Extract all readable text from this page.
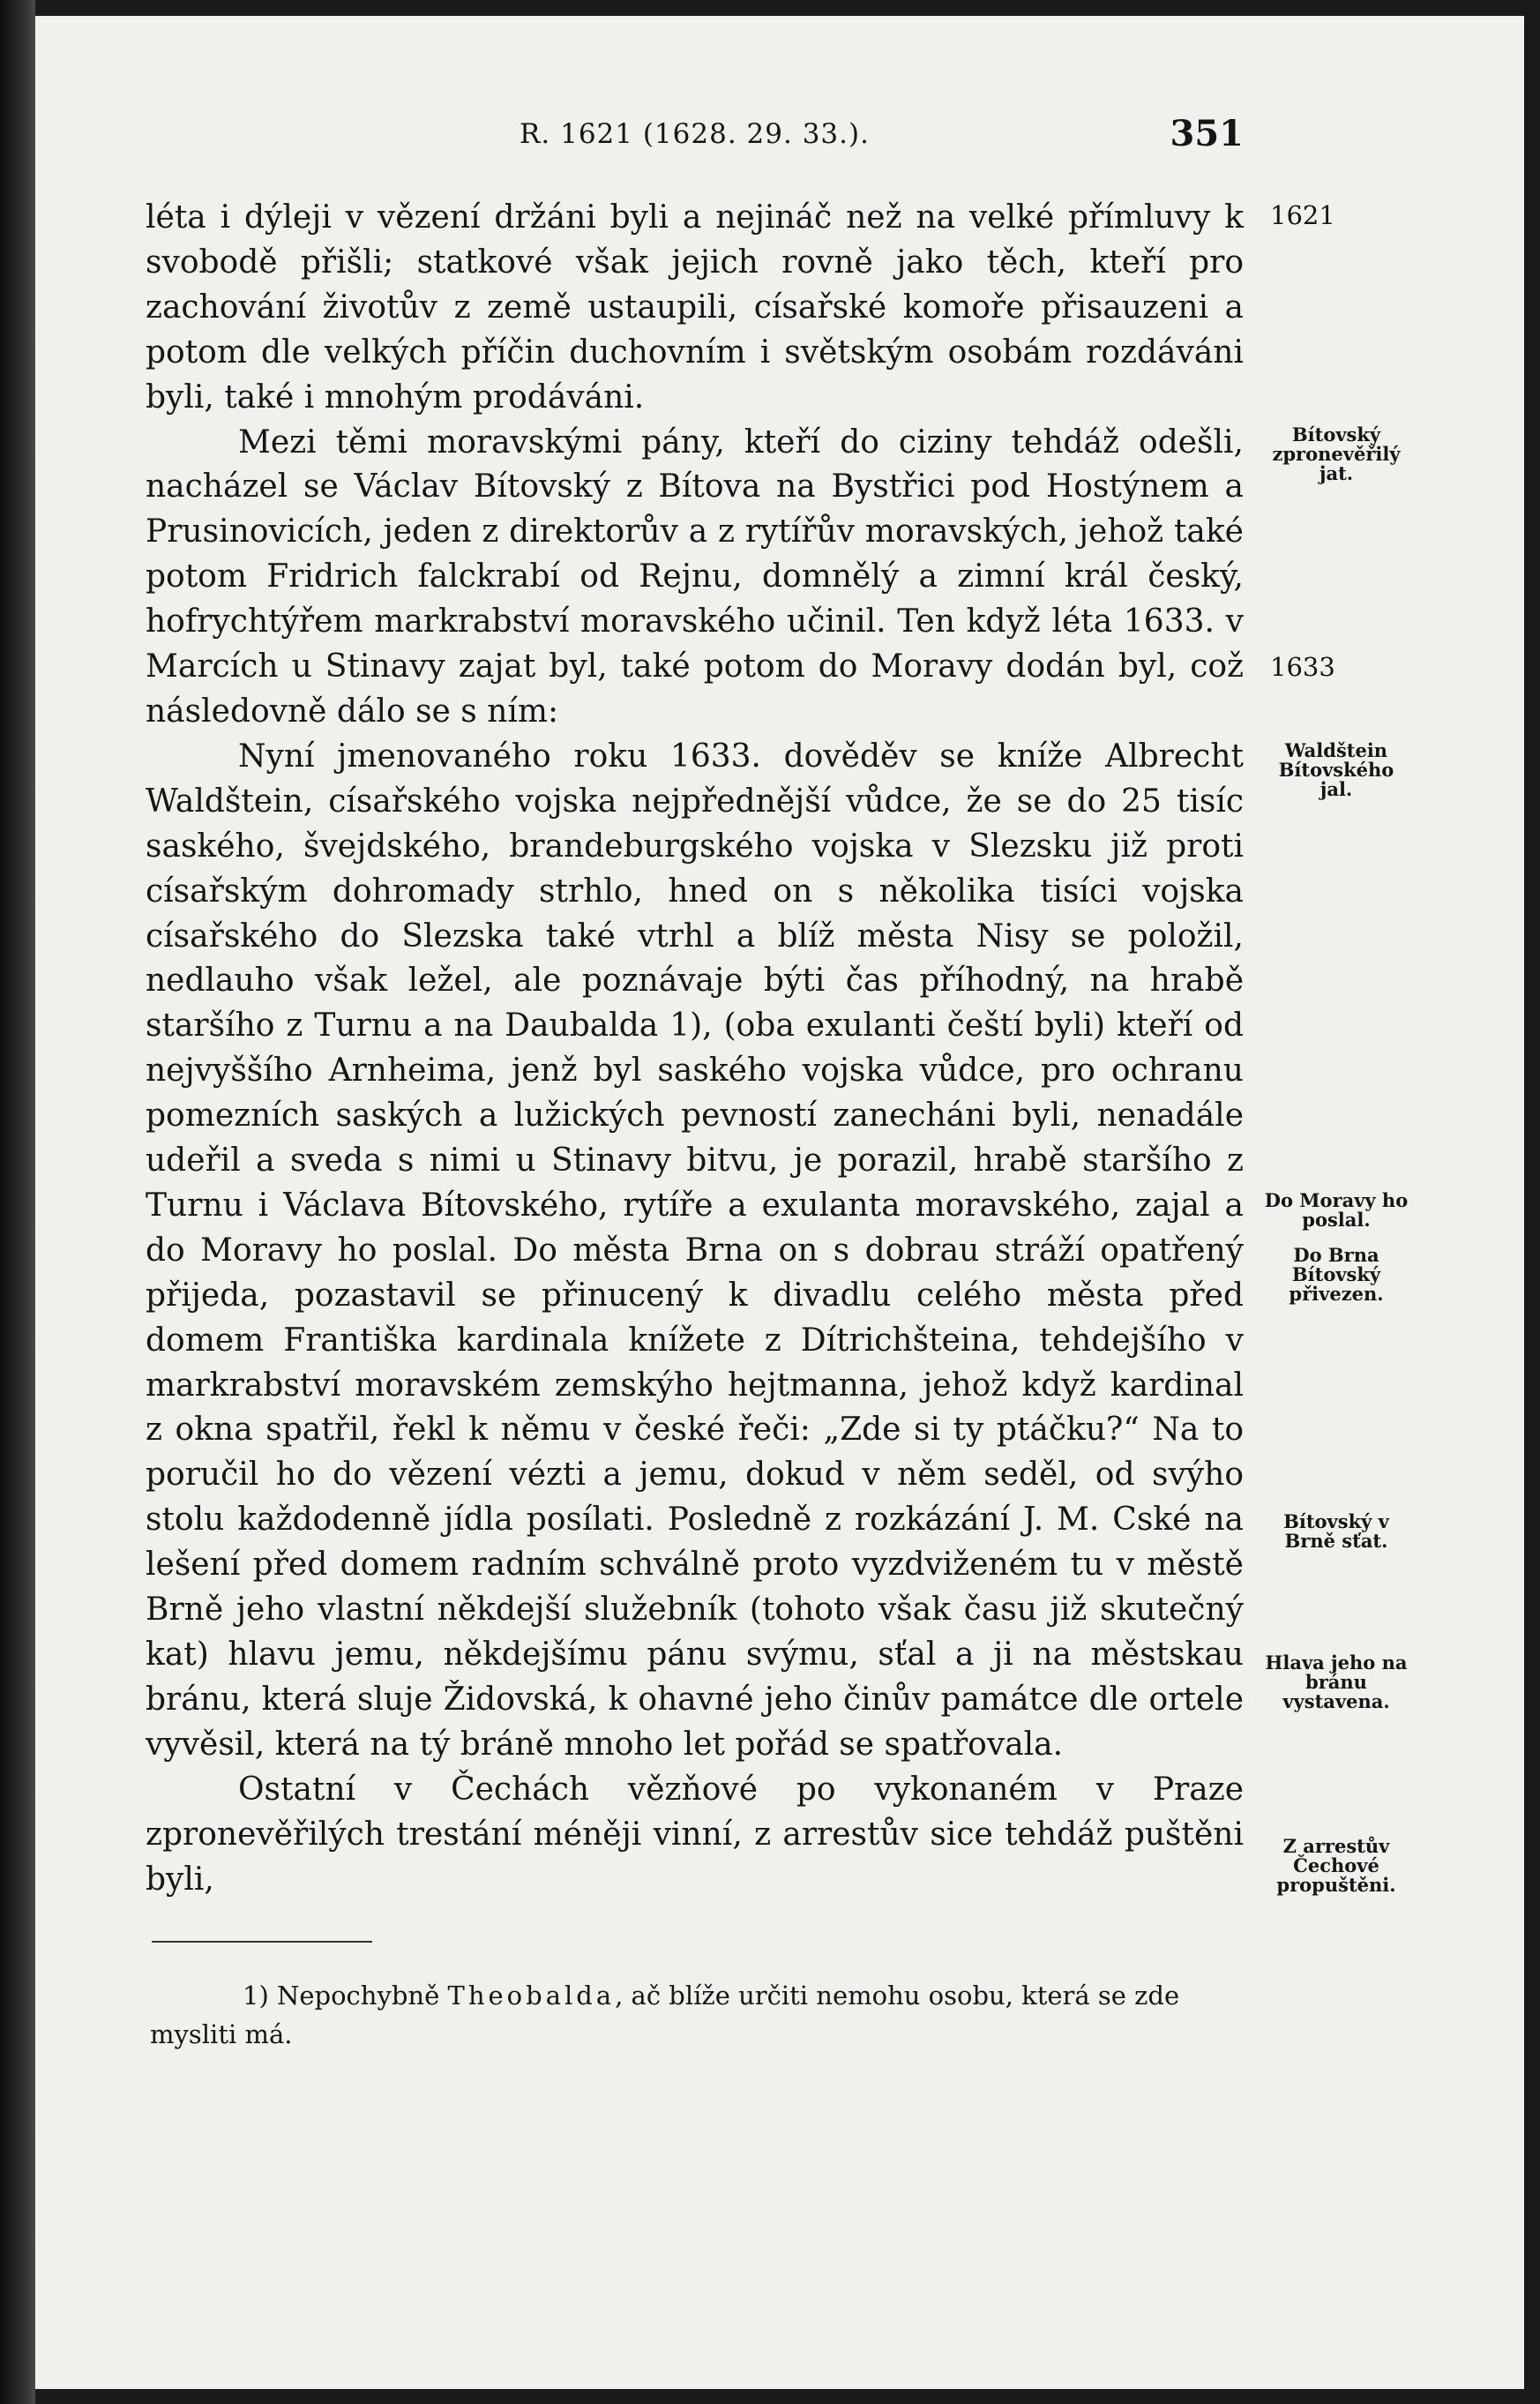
R. 1621 (1628. 29. 33.).	351

léta i dýleji v vězení držáni byli a nejináč než na velké přímluvy k svobodě přišli; statkové však jejich rovně jako těch, kteří pro zachování životův z země ustaupili, císařské komoře přisauzeni a potom dle velkých příčin duchovním i světským osobám rozdáváni byli, také i mnohým prodáváni.

Mezi těmi moravskými pány, kteří do ciziny tehdáž odešli, nacházel se Václav Bítovský z Bítova na Bystřici pod Hostýnem a Prusinovicích, jeden z direktorův a z rytířův moravských, jehož také potom Fridrich falckrabí od Rejnu, domnělý a zimní král český, hofrychtýřem markrabství moravského učinil. Ten když léta 1633. v Marcích u Stinavy zajat byl, také potom do Moravy dodán byl, což následovně dálo se s ním:

Nyní jmenovaného roku 1633. dověděv se kníže Albrecht Waldštein, císařského vojska nejpřednější vůdce, že se do 25 tisíc saského, švejdského, brandeburgského vojska v Slezsku již proti císařským dohromady strhlo, hned on s několika tisíci vojska císařského do Slezska také vtrhl a blíž města Nisy se položil, nedlauho však ležel, ale poznávaje býti čas příhodný, na hrabě staršího z Turnu a na Daubalda 1), (oba exulanti čeští byli) kteří od nejvyššího Arnheima, jenž byl saského vojska vůdce, pro ochranu pomezních saských a lužických pevností zanecháni byli, nenadále udeřil a sveda s nimi u Stinavy bitvu, je porazil, hrabě staršího z Turnu i Václava Bítovského, rytíře a exulanta moravského, zajal a do Moravy ho poslal. Do města Brna on s dobrau stráží opatřený přijeda, pozastavil se přinucený k divadlu celého města před domem Františka kardinala knížete z Dítrichšteina, tehdejšího v markrabství moravském zemskýho hejtmanna, jehož když kardinal z okna spatřil, řekl k němu v české řeči: „Zde si ty ptáčku?“ Na to poručil ho do vězení vézti a jemu, dokud v něm seděl, od svýho stolu každodenně jídla posílati. Posledně z rozkázání J. M. Cské na lešení před domem radním schválně proto vyzdviženém tu v městě Brně jeho vlastní někdejší služebník (tohoto však času již skutečný kat) hlavu jemu, někdejšímu pánu svýmu, sťal a ji na městskau bránu, která sluje Židovská, k ohavné jeho činův památce dle ortele vyvěsil, která na tý bráně mnoho let pořád se spatřovala.

Ostatní v Čechách vězňové po vykonaném v Praze zpronevěřilých trestání méněji vinní, z arrestův sice tehdáž puštěni byli,

1621
Bítovský zpronevěřilý jat.
1633
Waldštein Bítovského jal.
Do Moravy ho poslal.
Do Brna Bítovský přivezen.
Bítovský v Brně sťat.
Hlava jeho na bránu vystavena.
Z arrestův Čechové propuštěni.
1) Nepochybně Theobalda, ač blíže určiti nemohu osobu, která se zde mysliti má.
